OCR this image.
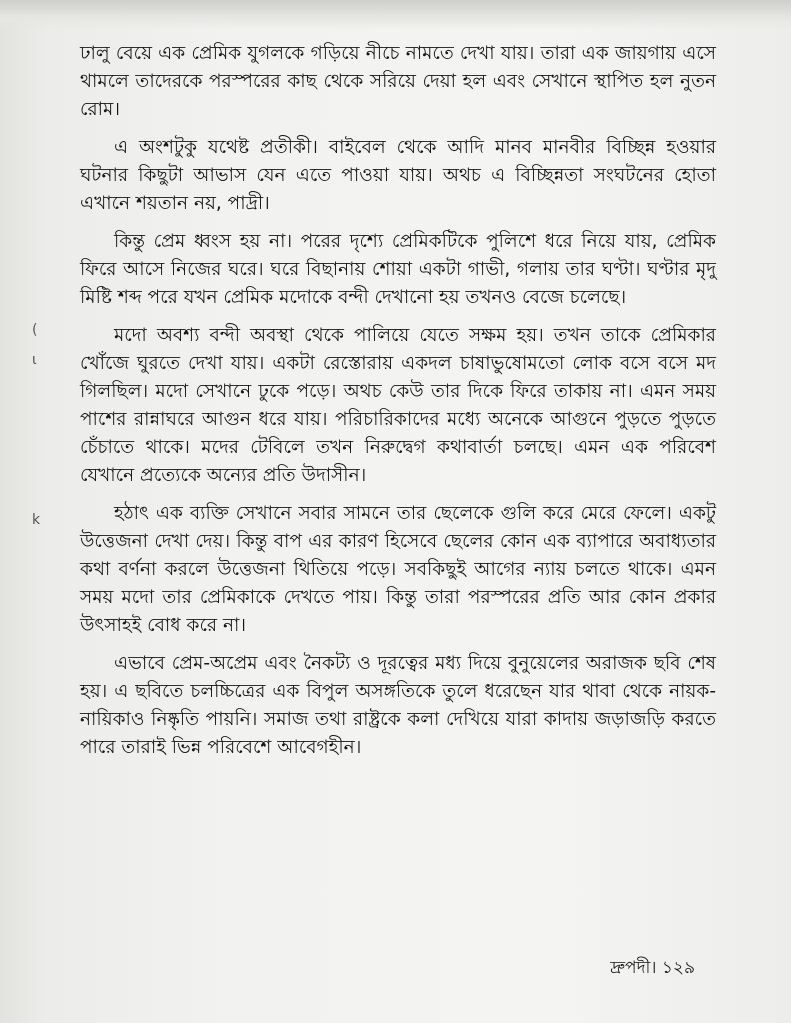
(
ɩ
k

ঢালু বেয়ে এক প্রেমিক যুগলকে গড়িয়ে নীচে নামতে দেখা যায়। তারা এক জায়গায় এসে থামলে তাদেরকে পরস্পরের কাছ থেকে সরিয়ে দেয়া হল এবং সেখানে স্থাপিত হল নুতন রোম।

এ অংশটুকু যথেষ্ট প্রতীকী। বাইবেল থেকে আদি মানব মানবীর বিচ্ছিন্ন হওয়ার ঘটনার কিছুটা আভাস যেন এতে পাওয়া যায়। অথচ এ বিচ্ছিন্নতা সংঘটনের হোতা এখানে শয়তান নয়, পাদ্রী।

কিন্তু প্রেম ধ্বংস হয় না। পরের দৃশ্যে প্রেমিকটিকে পুলিশে ধরে নিয়ে যায়, প্রেমিক ফিরে আসে নিজের ঘরে। ঘরে বিছানায় শোয়া একটা গাভী, গলায় তার ঘণ্টা। ঘণ্টার মৃদু মিষ্টি শব্দ পরে যখন প্রেমিক মদোকে বন্দী দেখানো হয় তখনও বেজে চলেছে।

মদো অবশ্য বন্দী অবস্থা থেকে পালিয়ে যেতে সক্ষম হয়। তখন তাকে প্রেমিকার খোঁজে ঘুরতে দেখা যায়। একটা রেস্তোরায় একদল চাষাভুষোমতো লোক বসে বসে মদ গিলছিল। মদো সেখানে ঢুকে পড়ে। অথচ কেউ তার দিকে ফিরে তাকায় না। এমন সময় পাশের রান্নাঘরে আগুন ধরে যায়। পরিচারিকাদের মধ্যে অনেকে আগুনে পুড়তে পুড়তে চেঁচাতে থাকে। মদের টেবিলে তখন নিরুদ্বেগ কথাবার্তা চলছে। এমন এক পরিবেশ যেখানে প্রত্যেকে অন্যের প্রতি উদাসীন।

হঠাৎ এক ব্যক্তি সেখানে সবার সামনে তার ছেলেকে গুলি করে মেরে ফেলে। একটু উত্তেজনা দেখা দেয়। কিন্তু বাপ এর কারণ হিসেবে ছেলের কোন এক ব্যাপারে অবাধ্যতার কথা বর্ণনা করলে উত্তেজনা থিতিয়ে পড়ে। সবকিছুই আগের ন্যায় চলতে থাকে। এমন সময় মদো তার প্রেমিকাকে দেখতে পায়। কিন্তু তারা পরস্পরের প্রতি আর কোন প্রকার উৎসাহই বোধ করে না।

এভাবে প্রেম-অপ্রেম এবং নৈকট্য ও দূরত্বের মধ্য দিয়ে বুনুয়েলের অরাজক ছবি শেষ হয়। এ ছবিতে চলচ্চিত্রের এক বিপুল অসঙ্গতিকে তুলে ধরেছেন যার থাবা থেকে নায়ক-নায়িকাও নিষ্কৃতি পায়নি। সমাজ তথা রাষ্ট্রকে কলা দেখিয়ে যারা কাদায় জড়াজড়ি করতে পারে তারাই ভিন্ন পরিবেশে আবেগহীন।

দ্রুপদী। ১২৯
